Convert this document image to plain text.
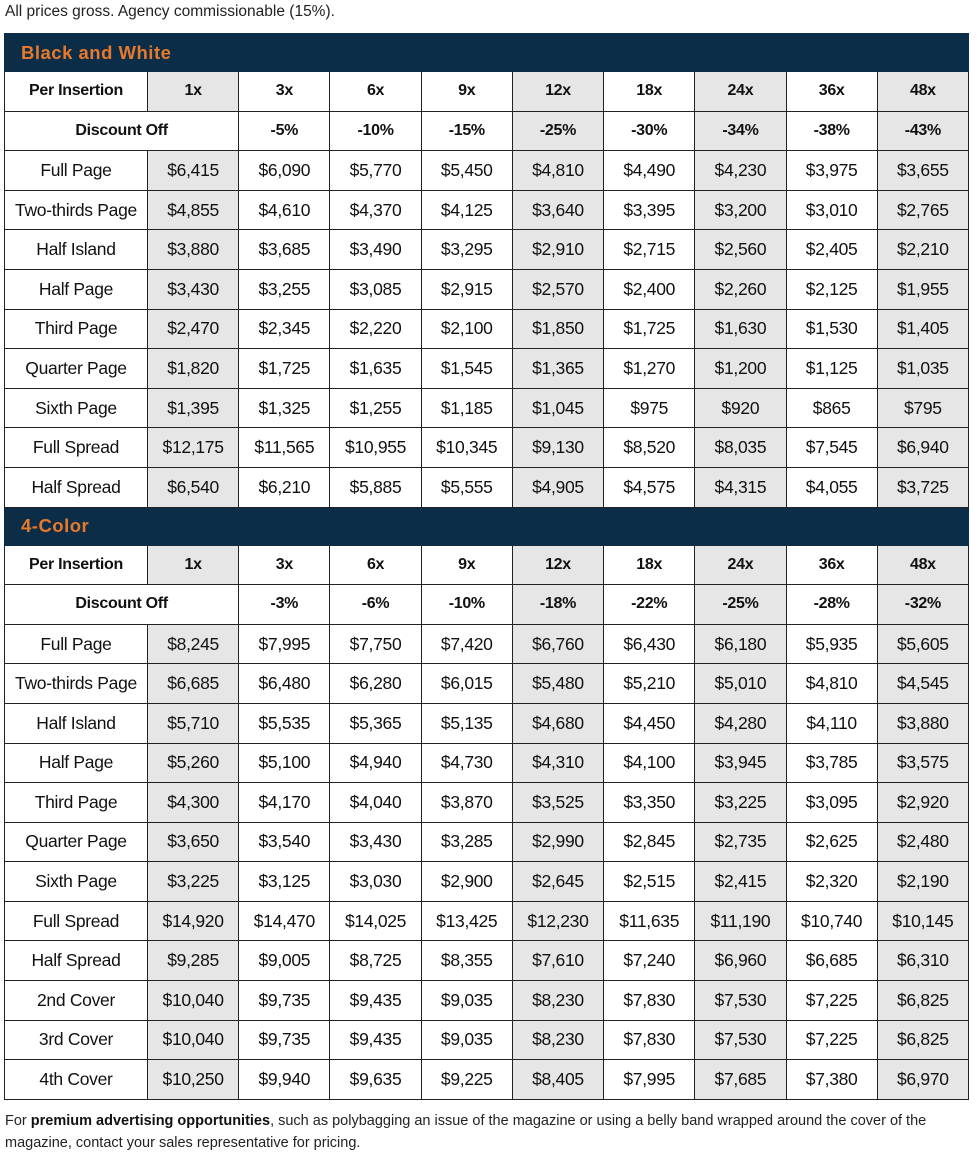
All prices gross. Agency commissionable (15%).
Black and White									
Per Insertion	1x	3x	6x	9x	12x	18x	24x	36x	48x
Discount Off		-5%	-10%	-15%	-25%	-30%	-34%	-38%	-43%
Full Page	$6,415	$6,090	$5,770	$5,450	$4,810	$4,490	$4,230	$3,975	$3,655
Two-thirds Page	$4,855	$4,610	$4,370	$4,125	$3,640	$3,395	$3,200	$3,010	$2,765
Half Island	$3,880	$3,685	$3,490	$3,295	$2,910	$2,715	$2,560	$2,405	$2,210
Half Page	$3,430	$3,255	$3,085	$2,915	$2,570	$2,400	$2,260	$2,125	$1,955
Third Page	$2,470	$2,345	$2,220	$2,100	$1,850	$1,725	$1,630	$1,530	$1,405
Quarter Page	$1,820	$1,725	$1,635	$1,545	$1,365	$1,270	$1,200	$1,125	$1,035
Sixth Page	$1,395	$1,325	$1,255	$1,185	$1,045	$975	$920	$865	$795
Full Spread	$12,175	$11,565	$10,955	$10,345	$9,130	$8,520	$8,035	$7,545	$6,940
Half Spread	$6,540	$6,210	$5,885	$5,555	$4,905	$4,575	$4,315	$4,055	$3,725
4-Color									
Per Insertion	1x	3x	6x	9x	12x	18x	24x	36x	48x
Discount Off		-3%	-6%	-10%	-18%	-22%	-25%	-28%	-32%
Full Page	$8,245	$7,995	$7,750	$7,420	$6,760	$6,430	$6,180	$5,935	$5,605
Two-thirds Page	$6,685	$6,480	$6,280	$6,015	$5,480	$5,210	$5,010	$4,810	$4,545
Half Island	$5,710	$5,535	$5,365	$5,135	$4,680	$4,450	$4,280	$4,110	$3,880
Half Page	$5,260	$5,100	$4,940	$4,730	$4,310	$4,100	$3,945	$3,785	$3,575
Third Page	$4,300	$4,170	$4,040	$3,870	$3,525	$3,350	$3,225	$3,095	$2,920
Quarter Page	$3,650	$3,540	$3,430	$3,285	$2,990	$2,845	$2,735	$2,625	$2,480
Sixth Page	$3,225	$3,125	$3,030	$2,900	$2,645	$2,515	$2,415	$2,320	$2,190
Full Spread	$14,920	$14,470	$14,025	$13,425	$12,230	$11,635	$11,190	$10,740	$10,145
Half Spread	$9,285	$9,005	$8,725	$8,355	$7,610	$7,240	$6,960	$6,685	$6,310
2nd Cover	$10,040	$9,735	$9,435	$9,035	$8,230	$7,830	$7,530	$7,225	$6,825
3rd Cover	$10,040	$9,735	$9,435	$9,035	$8,230	$7,830	$7,530	$7,225	$6,825
4th Cover	$10,250	$9,940	$9,635	$9,225	$8,405	$7,995	$7,685	$7,380	$6,970
For premium advertising opportunities, such as polybagging an issue of the magazine or using a belly band wrapped around the cover of the magazine, contact your sales representative for pricing.
